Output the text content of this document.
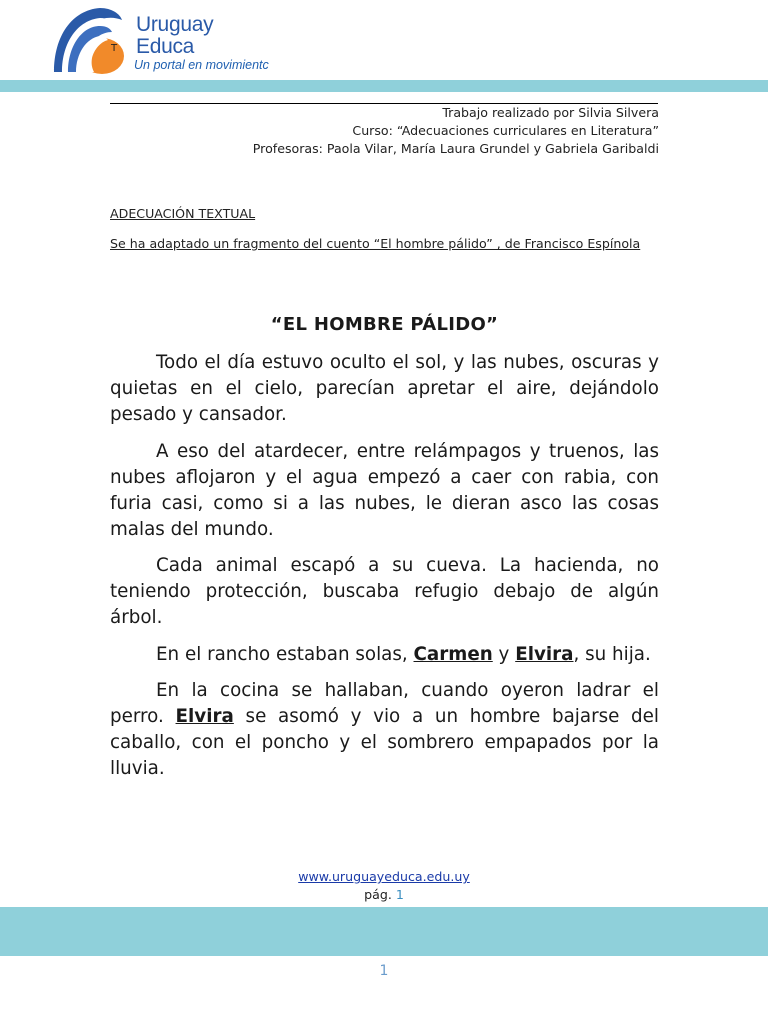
T
Uruguay
Educa
Un portal en movimientc
Trabajo realizado por Silvia Silvera
Curso: “Adecuaciones curriculares en Literatura”
Profesoras: Paola Vilar, María Laura Grundel y Gabriela Garibaldi
ADECUACIÓN TEXTUAL
Se ha adaptado un fragmento del cuento “El hombre pálido” , de Francisco Espínola
“EL HOMBRE PÁLIDO”

Todo el día estuvo oculto el sol, y las nubes, oscuras y quietas en el cielo, parecían apretar el aire, dejándolo pesado y cansador.

A eso del atardecer, entre relámpagos y truenos, las nubes aflojaron y el agua empezó a caer con rabia, con furia casi, como si a las nubes, le dieran asco las cosas malas del mundo.

Cada animal escapó a su cueva. La hacienda, no teniendo protección, buscaba refugio debajo de algún árbol.

En el rancho estaban solas, Carmen y Elvira, su hija.

En la cocina se hallaban, cuando oyeron ladrar el perro. Elvira se asomó y vio a un hombre bajarse del caballo, con el poncho y el sombrero empapados por la lluvia.

www.uruguayeduca.edu.uy
pág. 1
1
